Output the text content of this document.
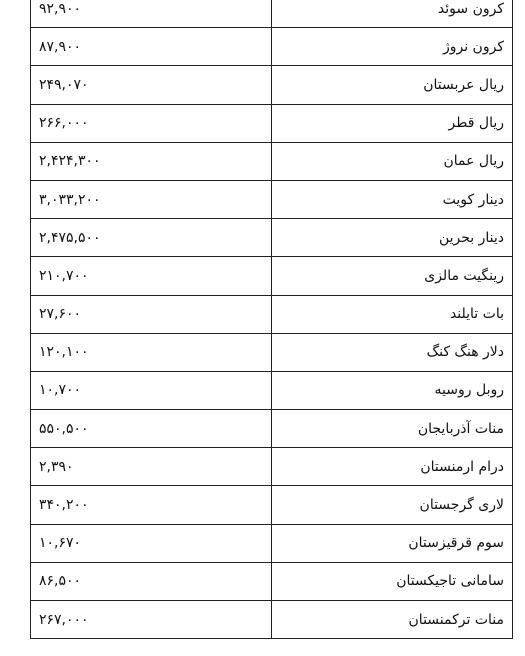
کرون سوئد	۹۲,۹۰۰
کرون نروژ	۸۷,۹۰۰
ریال عربستان	۲۴۹,۰۷۰
ریال قطر	۲۶۶,۰۰۰
ریال عمان	۲,۴۲۴,۳۰۰
دینار کویت	۳,۰۳۳,۲۰۰
دینار بحرین	۲,۴۷۵,۵۰۰
رینگیت مالزی	۲۱۰,۷۰۰
بات تایلند	۲۷,۶۰۰
دلار هنگ کنگ	۱۲۰,۱۰۰
روبل روسیه	۱۰,۷۰۰
منات آذربایجان	۵۵۰,۵۰۰
درام ارمنستان	۲,۳۹۰
لاری گرجستان	۳۴۰,۲۰۰
سوم قرقیزستان	۱۰,۶۷۰
سامانی تاجیکستان	۸۶,۵۰۰
منات ترکمنستان	۲۶۷,۰۰۰
